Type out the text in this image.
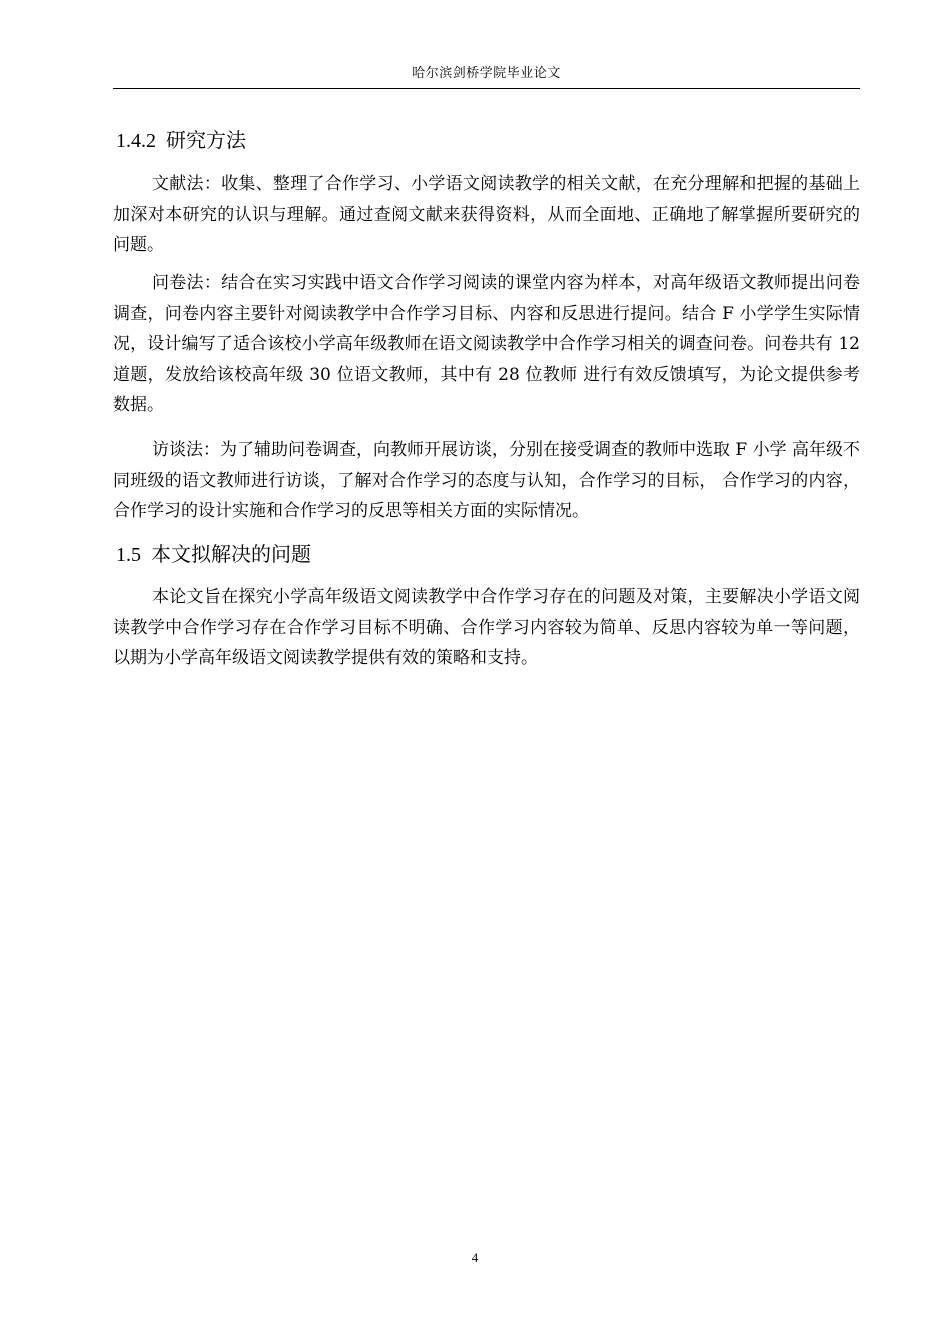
哈尔滨剑桥学院毕业论文
1.4.2 研究方法

文献法：收集、整理了合作学习、小学语文阅读教学的相关文献，在充分理解和把握的基础上加深对本研究的认识与理解。通过查阅文献来获得资料，从而全面地、正确地了解掌握所要研究的问题。

问卷法：结合在实习实践中语文合作学习阅读的课堂内容为样本，对高年级语文教师提出问卷调查，问卷内容主要针对阅读教学中合作学习目标、内容和反思进行提问。结合 F 小学学生实际情况，设计编写了适合该校小学高年级教师在语文阅读教学中合作学习相关的调查问卷。问卷共有 12 道题，发放给该校高年级 30 位语文教师，其中有 28 位教师 进行有效反馈填写，为论文提供参考数据。

访谈法：为了辅助问卷调查，向教师开展访谈，分别在接受调查的教师中选取 F 小学 高年级不同班级的语文教师进行访谈，了解对合作学习的态度与认知，合作学习的目标， 合作学习的内容，合作学习的设计实施和合作学习的反思等相关方面的实际情况。

1.5 本文拟解决的问题

本论文旨在探究小学高年级语文阅读教学中合作学习存在的问题及对策，主要解决小学语文阅读教学中合作学习存在合作学习目标不明确、合作学习内容较为简单、反思内容较为单一等问题，以期为小学高年级语文阅读教学提供有效的策略和支持。

4
